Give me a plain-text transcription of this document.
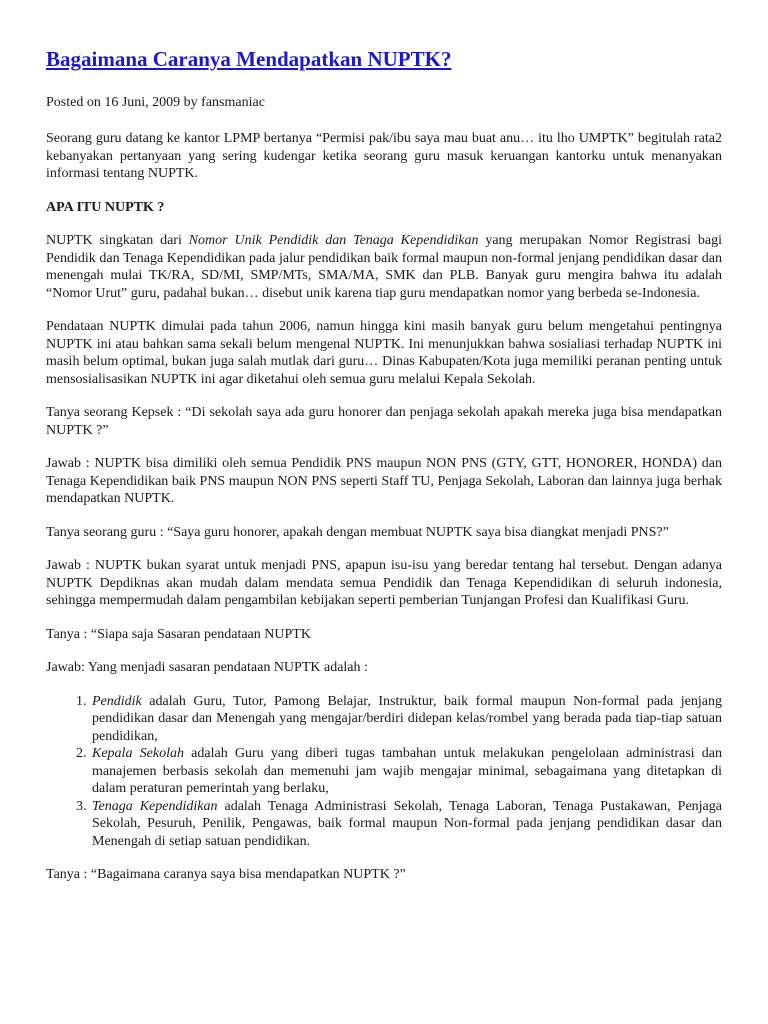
Bagaimana Caranya Mendapatkan NUPTK?
Posted on 16 Juni, 2009 by fansmaniac

Seorang guru datang ke kantor LPMP bertanya “Permisi pak/ibu saya mau buat anu… itu lho UMPTK” begitulah rata2 kebanyakan pertanyaan yang sering kudengar ketika seorang guru masuk keruangan kantorku untuk menanyakan informasi tentang NUPTK.

APA ITU NUPTK ?

NUPTK singkatan dari Nomor Unik Pendidik dan Tenaga Kependidikan yang merupakan Nomor Registrasi bagi Pendidik dan Tenaga Kependidikan pada jalur pendidikan baik formal maupun non-formal jenjang pendidikan dasar dan menengah mulai TK/RA, SD/MI, SMP/MTs, SMA/MA, SMK dan PLB. Banyak guru mengira bahwa itu adalah “Nomor Urut” guru, padahal bukan… disebut unik karena tiap guru mendapatkan nomor yang berbeda se-Indonesia.

Pendataan NUPTK dimulai pada tahun 2006, namun hingga kini masih banyak guru belum mengetahui pentingnya NUPTK ini atau bahkan sama sekali belum mengenal NUPTK. Ini menunjukkan bahwa sosialiasi terhadap NUPTK ini masih belum optimal, bukan juga salah mutlak dari guru… Dinas Kabupaten/Kota juga memiliki peranan penting untuk mensosialisasikan NUPTK ini agar diketahui oleh semua guru melalui Kepala Sekolah.

Tanya seorang Kepsek : “Di sekolah saya ada guru honorer dan penjaga sekolah apakah mereka juga bisa mendapatkan NUPTK ?”

Jawab : NUPTK bisa dimiliki oleh semua Pendidik PNS maupun NON PNS (GTY, GTT, HONORER, HONDA) dan Tenaga Kependidikan baik PNS maupun NON PNS seperti Staff TU, Penjaga Sekolah, Laboran dan lainnya juga berhak mendapatkan NUPTK.

Tanya seorang guru : “Saya guru honorer, apakah dengan membuat NUPTK saya bisa diangkat menjadi PNS?”

Jawab : NUPTK bukan syarat untuk menjadi PNS, apapun isu-isu yang beredar tentang hal tersebut. Dengan adanya NUPTK Depdiknas akan mudah dalam mendata semua Pendidik dan Tenaga Kependidikan di seluruh indonesia, sehingga mempermudah dalam pengambilan kebijakan seperti pemberian Tunjangan Profesi dan Kualifikasi Guru.

Tanya : “Siapa saja Sasaran pendataan NUPTK

Jawab: Yang menjadi sasaran pendataan NUPTK adalah :

1. Pendidik adalah Guru, Tutor, Pamong Belajar, Instruktur, baik formal maupun Non-formal pada jenjang pendidikan dasar dan Menengah yang mengajar/berdiri didepan kelas/rombel yang berada pada tiap-tiap satuan pendidikan,
2. Kepala Sekolah adalah Guru yang diberi tugas tambahan untuk melakukan pengelolaan administrasi dan manajemen berbasis sekolah dan memenuhi jam wajib mengajar minimal, sebagaimana yang ditetapkan di dalam peraturan pemerintah yang berlaku,
3. Tenaga Kependidikan adalah Tenaga Administrasi Sekolah, Tenaga Laboran, Tenaga Pustakawan, Penjaga Sekolah, Pesuruh, Penilik, Pengawas, baik formal maupun Non-formal pada jenjang pendidikan dasar dan Menengah di setiap satuan pendidikan.

Tanya : “Bagaimana caranya saya bisa mendapatkan NUPTK ?”
